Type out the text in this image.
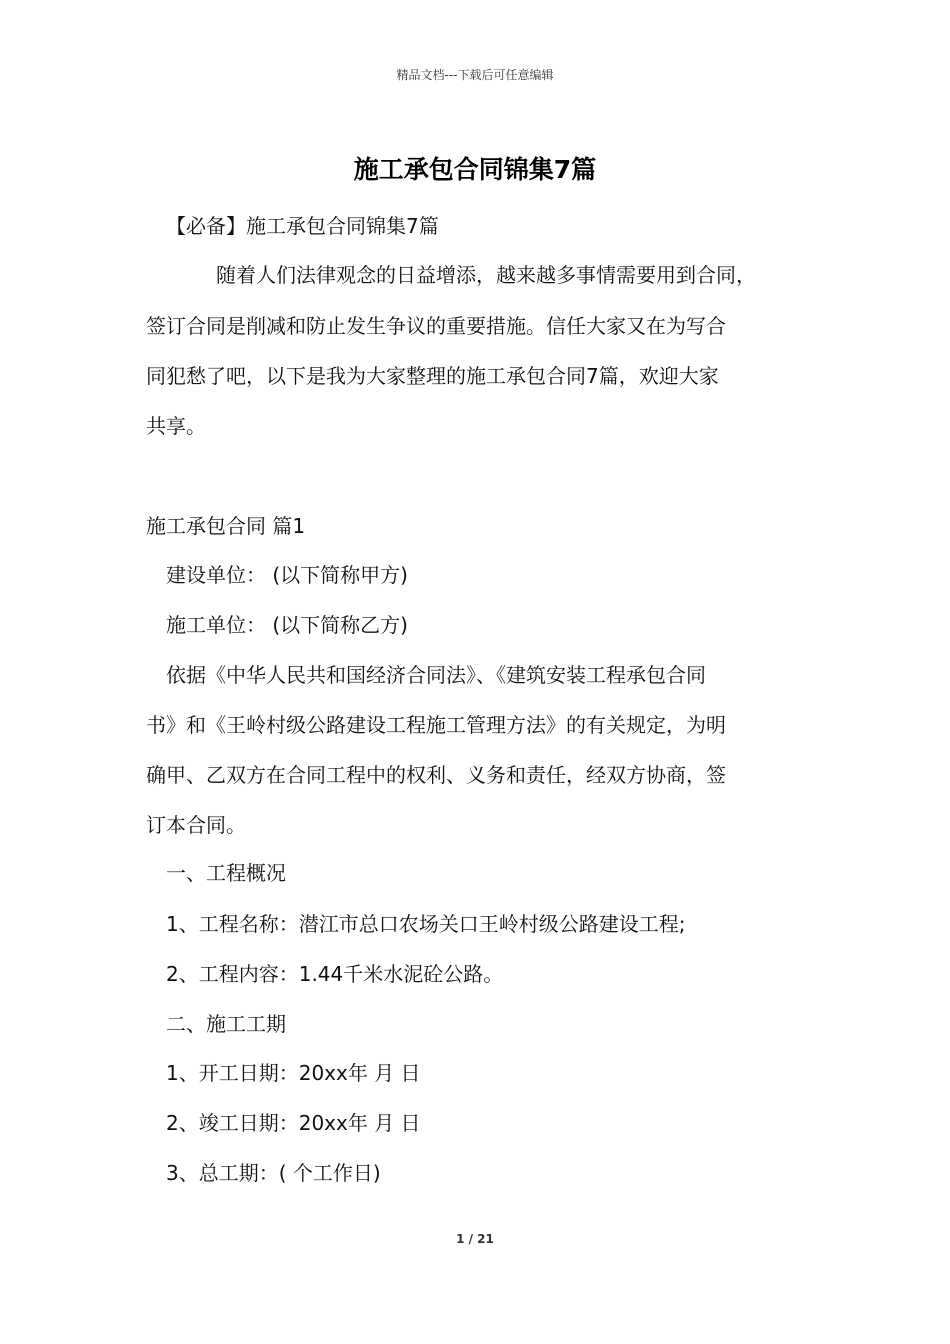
精品文档---下载后可任意编辑
施工承包合同锦集7篇
【必备】施工承包合同锦集7篇
随着人们法律观念的日益增添，越来越多事情需要用到合同，
签订合同是削减和防止发生争议的重要措施。信任大家又在为写合
同犯愁了吧，以下是我为大家整理的施工承包合同7篇，欢迎大家
共享。
施工承包合同 篇1
建设单位： (以下简称甲方)
施工单位： (以下简称乙方)
依据《中华人民共和国经济合同法》、《建筑安装工程承包合同
书》和《王岭村级公路建设工程施工管理方法》的有关规定，为明
确甲、乙双方在合同工程中的权利、义务和责任，经双方协商，签
订本合同。
一、工程概况
1、工程名称：潜江市总口农场关口王岭村级公路建设工程;
2、工程内容：1.44千米水泥砼公路。
二、施工工期
1、开工日期：20xx年 月 日
2、竣工日期：20xx年 月 日
3、总工期：( 个工作日)
1 / 21
